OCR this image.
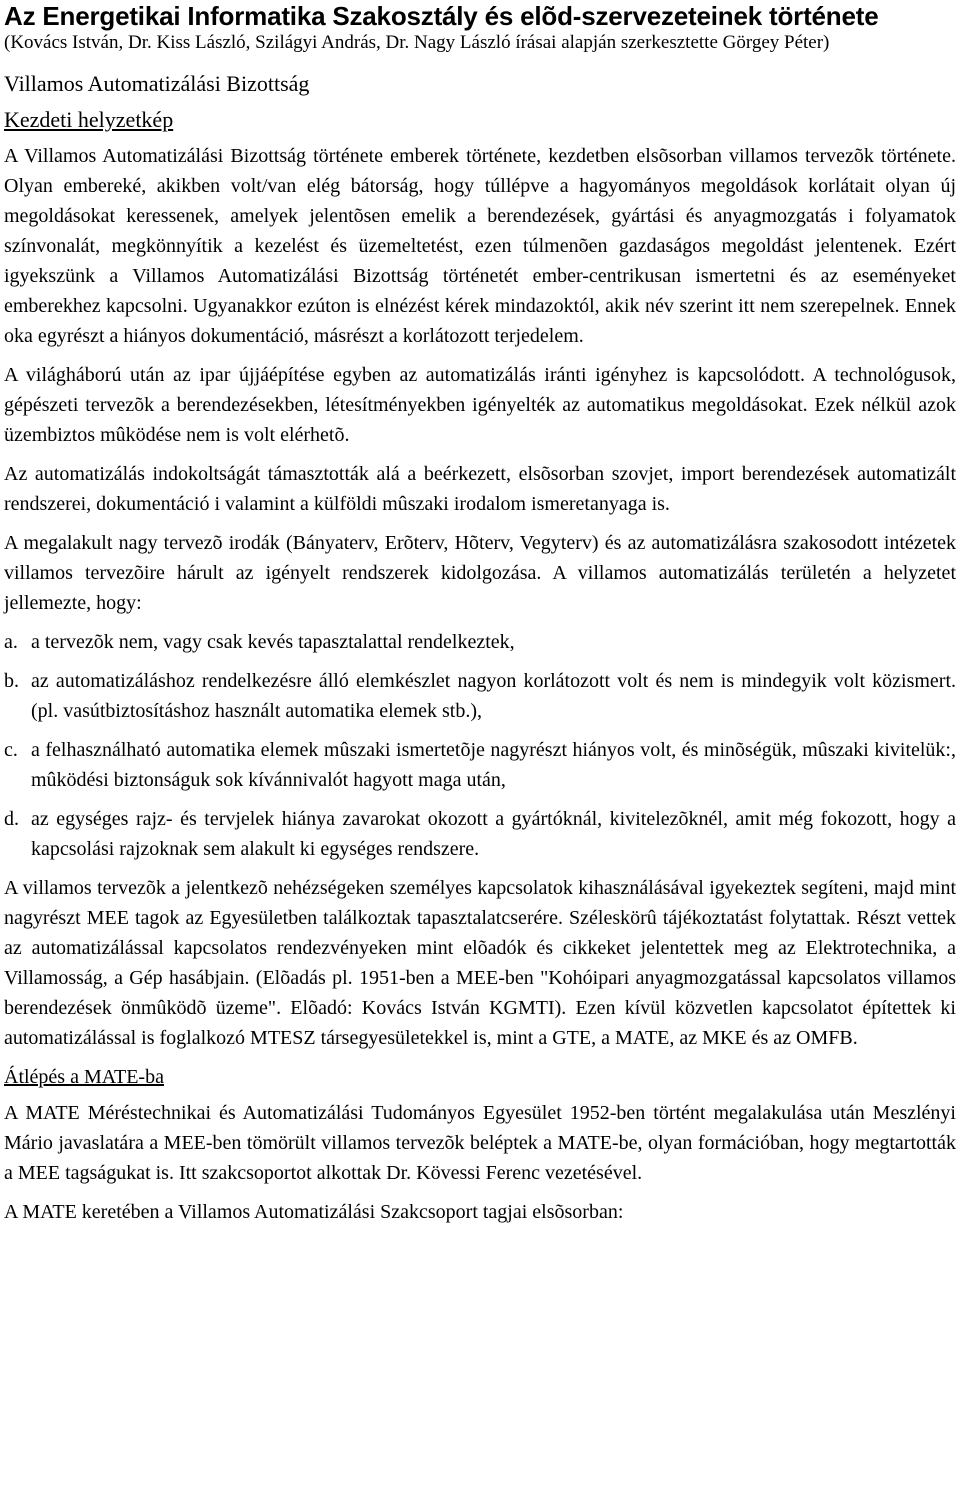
Az Energetikai Informatika Szakosztály és elõd-szervezeteinek története
(Kovács István, Dr. Kiss László, Szilágyi András, Dr. Nagy László írásai alapján szerkesztette Görgey Péter)
Villamos Automatizálási Bizottság
Kezdeti helyzetkép

A Villamos Automatizálási Bizottság története emberek története, kezdetben elsõsorban villamos tervezõk története. Olyan embereké, akikben volt/van elég bátorság, hogy túllépve a hagyományos megoldások korlátait olyan új megoldásokat keressenek, amelyek jelentõsen emelik a berendezések, gyártási és anyagmozgatás i folyamatok színvonalát, megkönnyítik a kezelést és üzemeltetést, ezen túlmenõen gazdaságos megoldást jelentenek. Ezért igyekszünk a Villamos Automatizálási Bizottság történetét ember-centrikusan ismertetni és az eseményeket emberekhez kapcsolni. Ugyanakkor ezúton is elnézést kérek mindazoktól, akik név szerint itt nem szerepelnek. Ennek oka egyrészt a hiányos dokumentáció, másrészt a korlátozott terjedelem.

A világháború után az ipar újjáépítése egyben az automatizálás iránti igényhez is kapcsolódott. A technológusok, gépészeti tervezõk a berendezésekben, létesítményekben igényelték az automatikus megoldásokat. Ezek nélkül azok üzembiztos mûködése nem is volt elérhetõ.

Az automatizálás indokoltságát támasztották alá a beérkezett, elsõsorban szovjet, import berendezések automatizált rendszerei, dokumentáció i valamint a külföldi mûszaki irodalom ismeretanyaga is.

A megalakult nagy tervezõ irodák (Bányaterv, Erõterv, Hõterv, Vegyterv) és az automatizálásra szakosodott intézetek villamos tervezõire hárult az igényelt rendszerek kidolgozása. A villamos automatizálás területén a helyzetet jellemezte, hogy:

a. a tervezõk nem, vagy csak kevés tapasztalattal rendelkeztek,
b. az automatizáláshoz rendelkezésre álló elemkészlet nagyon korlátozott volt és nem is mindegyik volt közismert. (pl. vasútbiztosításhoz használt automatika elemek stb.),
c. a felhasználható automatika elemek mûszaki ismertetõje nagyrészt hiányos volt, és minõségük, mûszaki kivitelük:, mûködési biztonságuk sok kívánnivalót hagyott maga után,
d. az egységes rajz- és tervjelek hiánya zavarokat okozott a gyártóknál, kivitelezõknél, amit még fokozott, hogy a kapcsolási rajzoknak sem alakult ki egységes rendszere.

A villamos tervezõk a jelentkezõ nehézségeken személyes kapcsolatok kihasználásával igyekeztek segíteni, majd mint nagyrészt MEE tagok az Egyesületben találkoztak tapasztalatcserére. Széleskörû tájékoztatást folytattak. Részt vettek az automatizálással kapcsolatos rendezvényeken mint elõadók és cikkeket jelentettek meg az Elektrotechnika, a Villamosság, a Gép hasábjain. (Elõadás pl. 1951-ben a MEE-ben "Kohóipari anyagmozgatással kapcsolatos villamos berendezések önmûködõ üzeme". Elõadó: Kovács István KGMTI). Ezen kívül közvetlen kapcsolatot építettek ki automatizálással is foglalkozó MTESZ társegyesületekkel is, mint a GTE, a MATE, az MKE és az OMFB.

Átlépés a MATE-ba

A MATE Méréstechnikai és Automatizálási Tudományos Egyesület 1952-ben történt megalakulása után Meszlényi Mário javaslatára a MEE-ben tömörült villamos tervezõk beléptek a MATE-be, olyan formációban, hogy megtartották a MEE tagságukat is. Itt szakcsoportot alkottak Dr. Kövessi Ferenc vezetésével.

A MATE keretében a Villamos Automatizálási Szakcsoport tagjai elsõsorban:
